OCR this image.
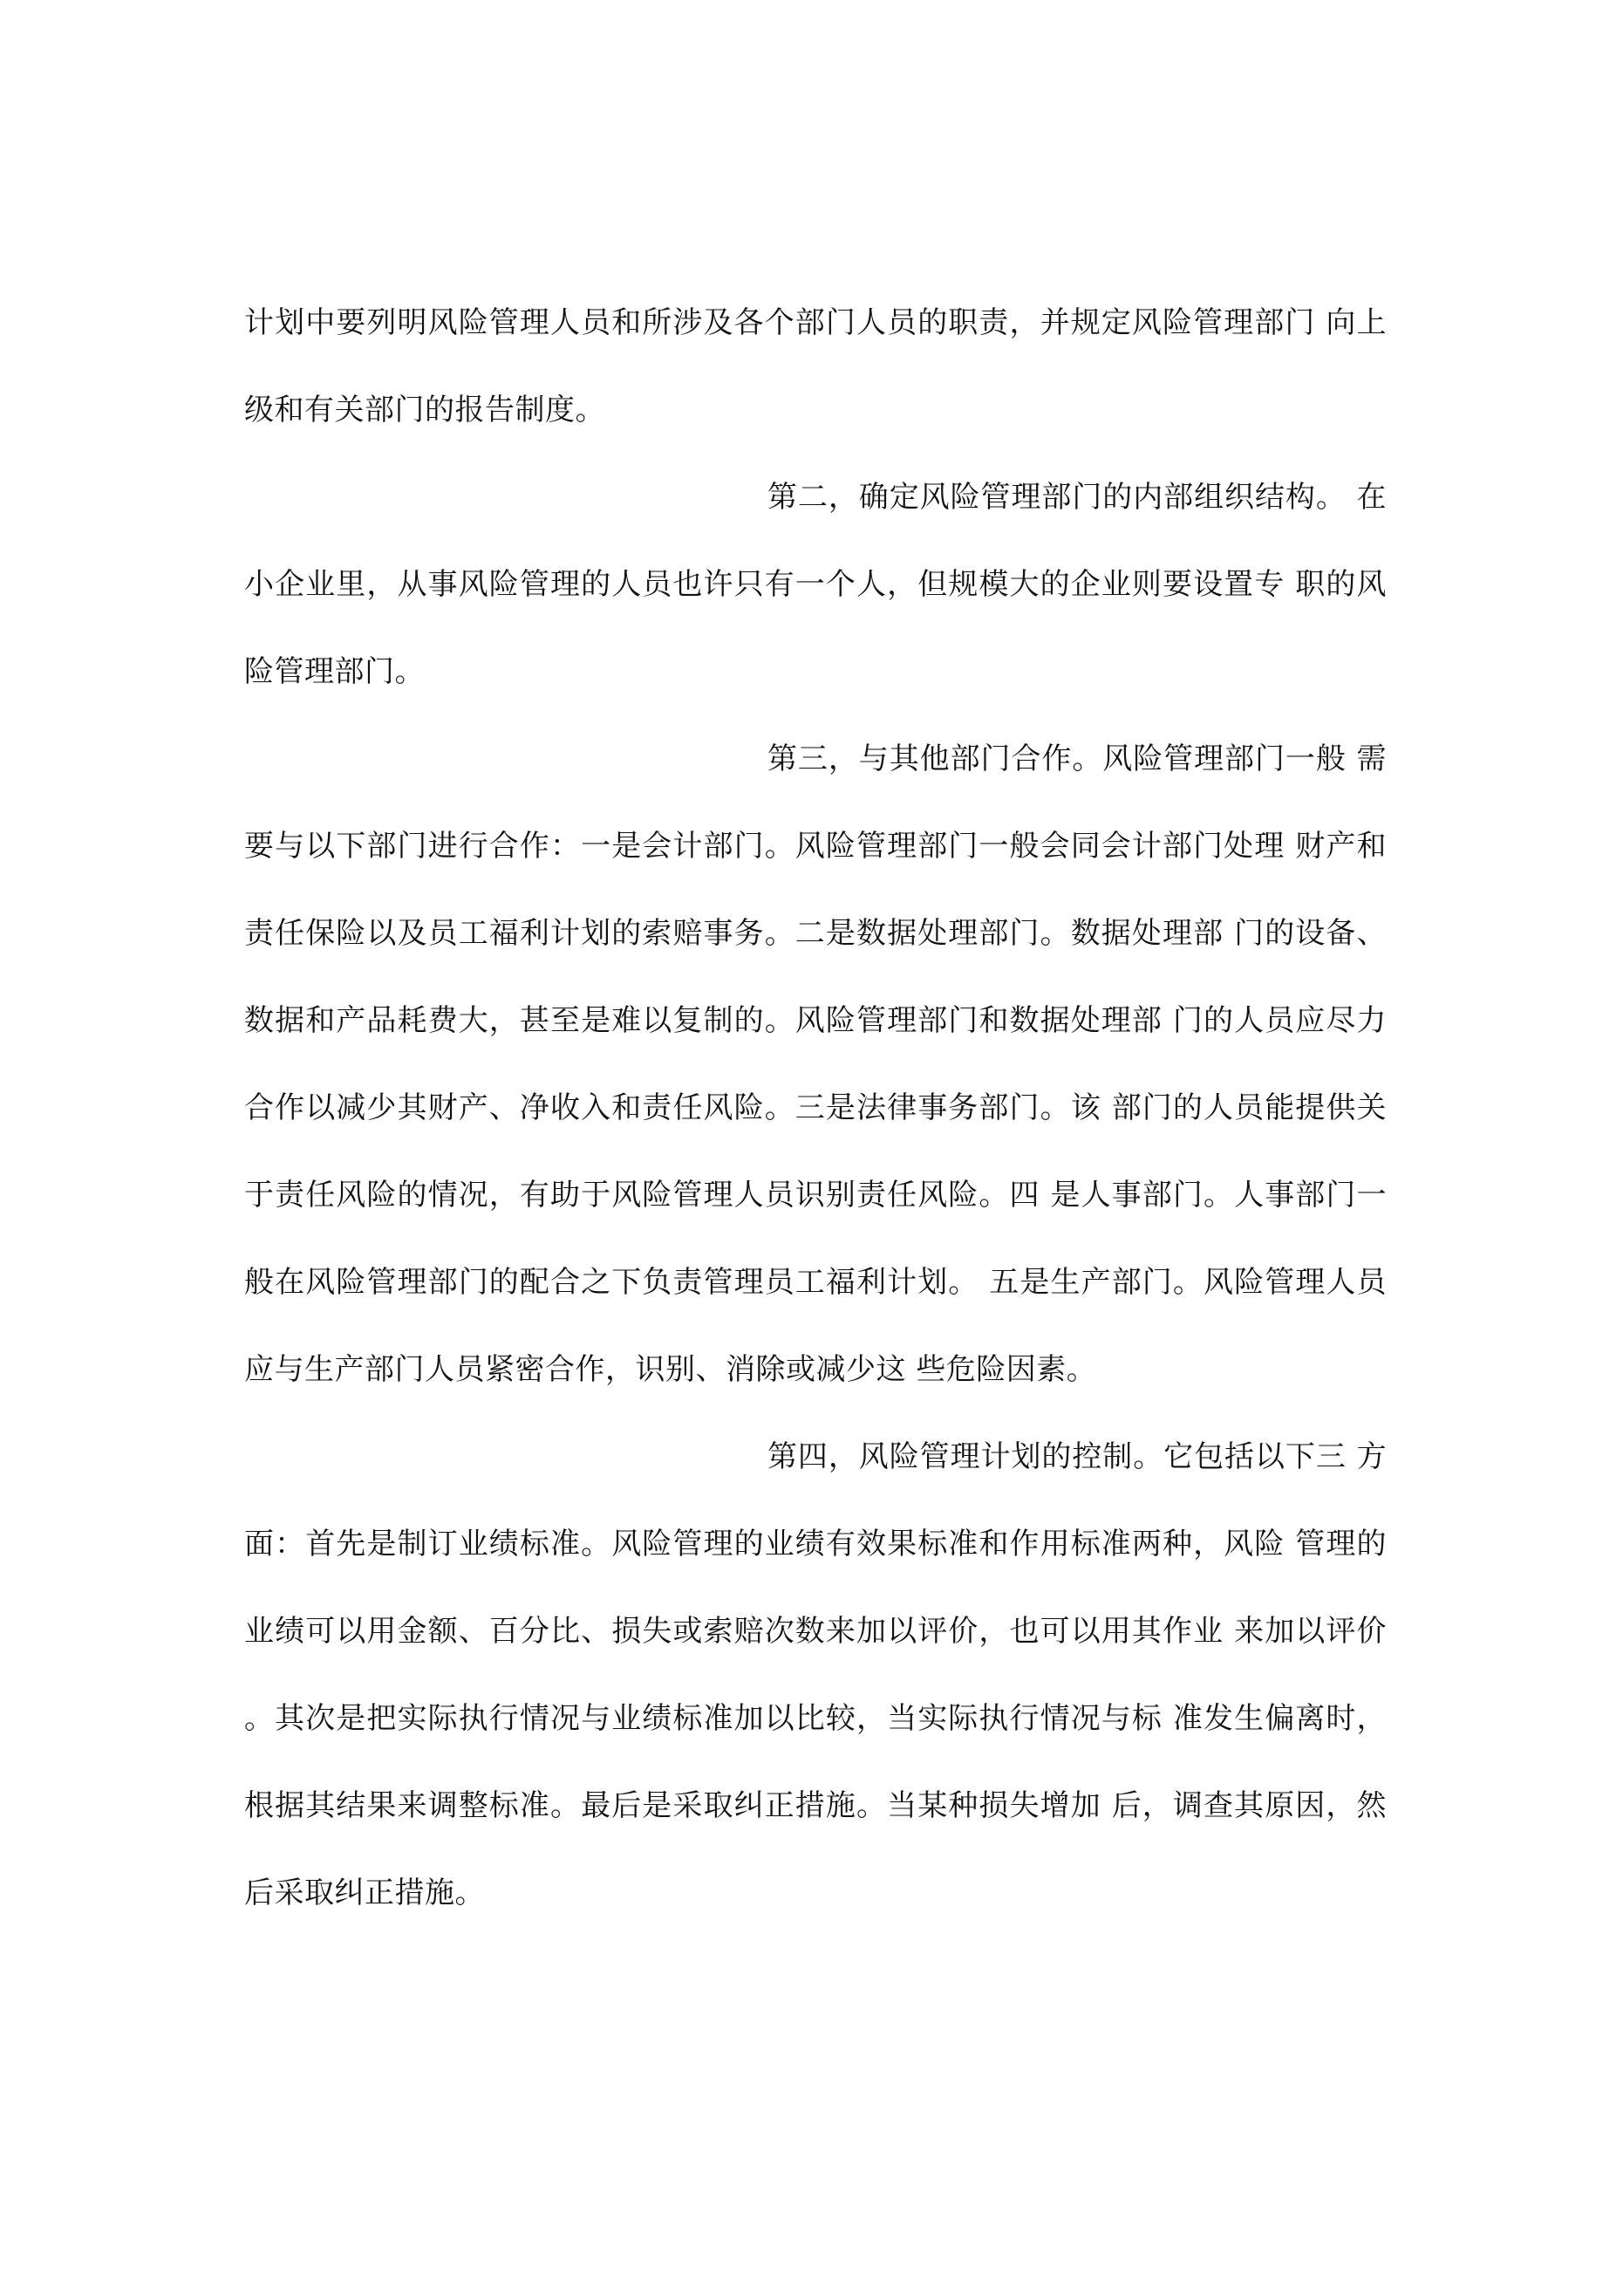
计划中要列明风险管理人员和所涉及各个部门人员的职责，并规定风险管理部门 向上
级和有关部门的报告制度。
第二，确定风险管理部门的内部组织结构。 在
小企业里，从事风险管理的人员也许只有一个人，但规模大的企业则要设置专 职的风
险管理部门。
第三，与其他部门合作。风险管理部门一般 需
要与以下部门进行合作：一是会计部门。风险管理部门一般会同会计部门处理 财产和
责任保险以及员工福利计划的索赔事务。二是数据处理部门。数据处理部 门的设备、
数据和产品耗费大，甚至是难以复制的。风险管理部门和数据处理部 门的人员应尽力
合作以减少其财产、净收入和责任风险。三是法律事务部门。该 部门的人员能提供关
于责任风险的情况，有助于风险管理人员识别责任风险。四 是人事部门。人事部门一
般在风险管理部门的配合之下负责管理员工福利计划。 五是生产部门。风险管理人员
应与生产部门人员紧密合作，识别、消除或减少这 些危险因素。
第四，风险管理计划的控制。它包括以下三 方
面：首先是制订业绩标准。风险管理的业绩有效果标准和作用标准两种，风险 管理的
业绩可以用金额、百分比、损失或索赔次数来加以评价，也可以用其作业 来加以评价
。其次是把实际执行情况与业绩标准加以比较，当实际执行情况与标 准发生偏离时，
根据其结果来调整标准。最后是采取纠正措施。当某种损失增加 后，调查其原因，然
后采取纠正措施。
